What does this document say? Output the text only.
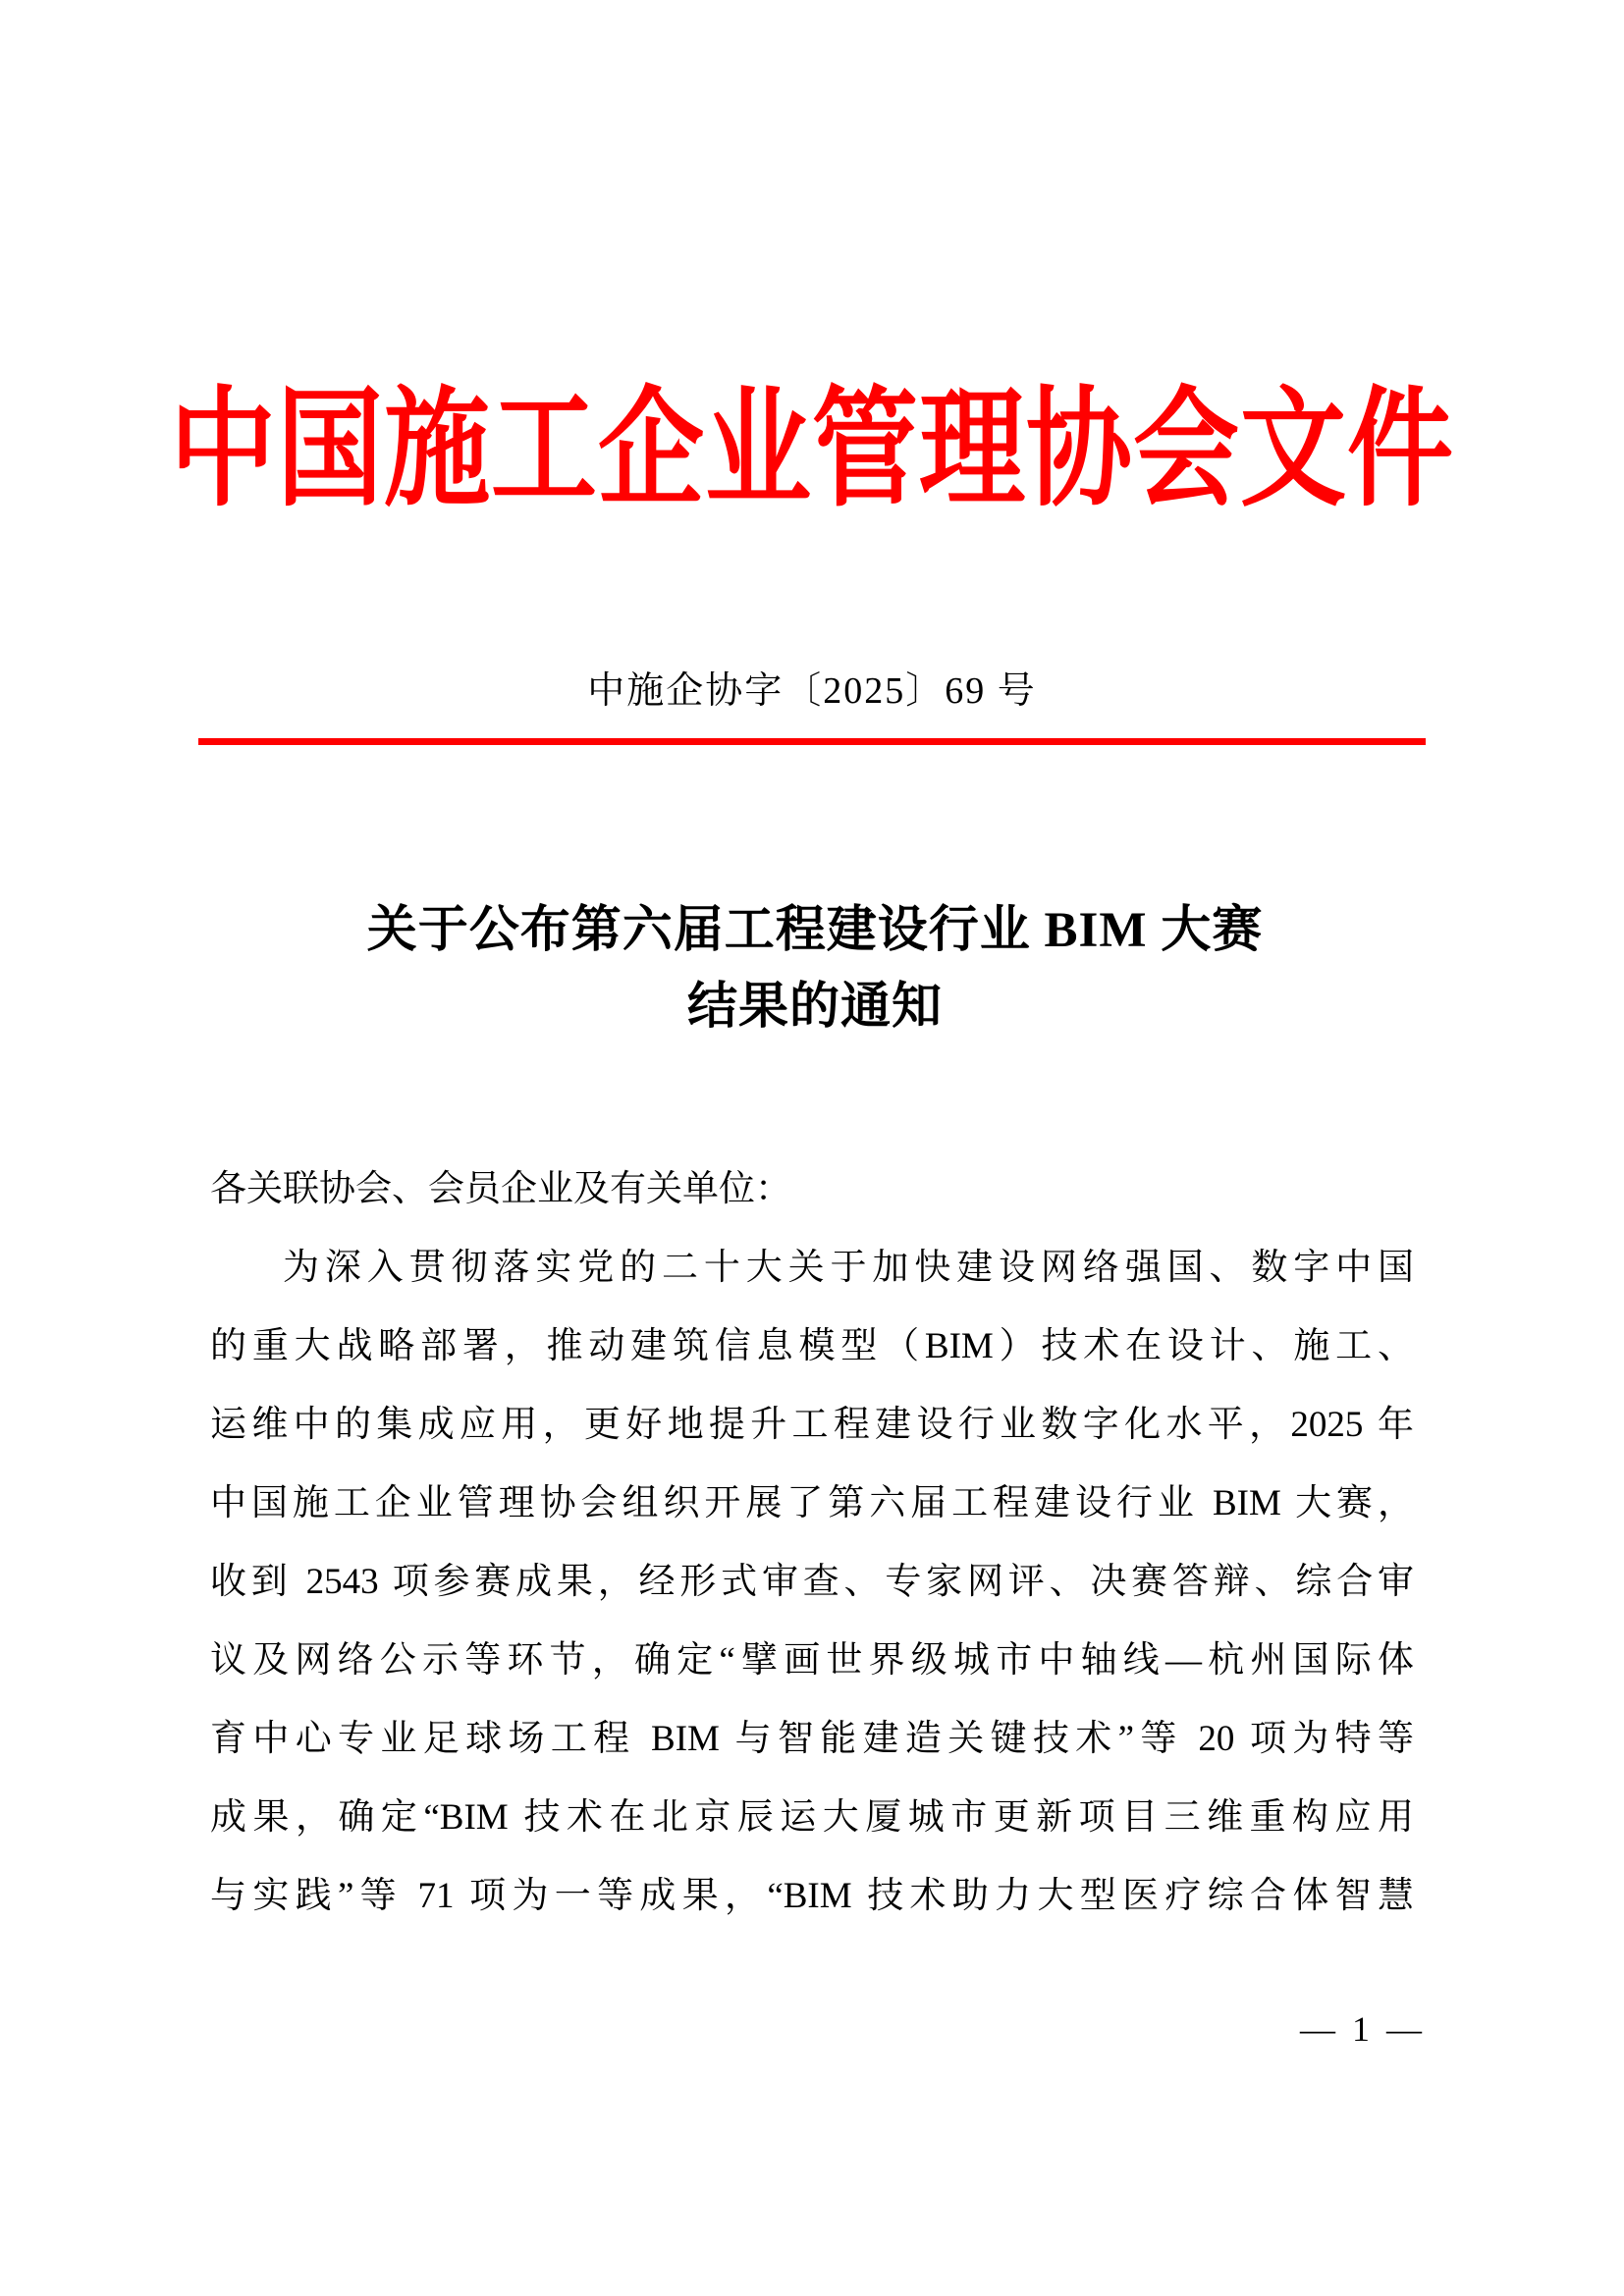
中国施工企业管理协会文件
中施企协字〔2025〕69 号
关于公布第六届工程建设行业 BIM 大赛
结果的通知
各关联协会、会员企业及有关单位：
为深入贯彻落实党的二十大关于加快建设网络强国、数字中国
的重大战略部署，推动建筑信息模型（BIM）技术在设计、施工、
运维中的集成应用，更好地提升工程建设行业数字化水平，2025 年
中国施工企业管理协会组织开展了第六届工程建设行业 BIM 大赛，
收到 2543 项参赛成果，经形式审查、专家网评、决赛答辩、综合审
议及网络公示等环节，确定“擘画世界级城市中轴线—杭州国际体
育中心专业足球场工程 BIM 与智能建造关键技术”等 20 项为特等
成果，确定“BIM 技术在北京辰运大厦城市更新项目三维重构应用
与实践”等 71 项为一等成果，“BIM 技术助力大型医疗综合体智慧
— 1 —
